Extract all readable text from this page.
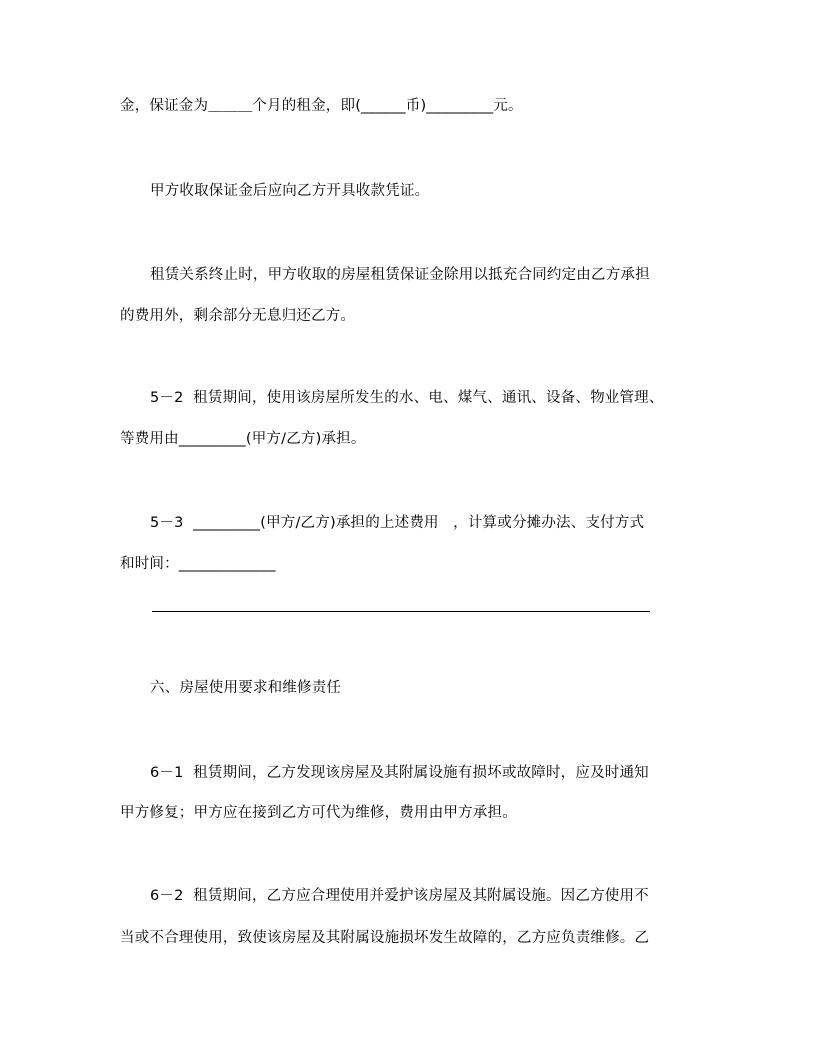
金，保证金为＿＿＿个月的租金，即(______币)_________元。
甲方收取保证金后应向乙方开具收款凭证。
租赁关系终止时，甲方收取的房屋租赁保证金除用以抵充合同约定由乙方承担
的费用外，剩余部分无息归还乙方。
5－2  租赁期间，使用该房屋所发生的水、电、煤气、通讯、设备、物业管理、
等费用由_________(甲方/乙方)承担。
5－3  _________(甲方/乙方)承担的上述费用   ，计算或分摊办法、支付方式
和时间：_____________
六、房屋使用要求和维修责任
6－1  租赁期间，乙方发现该房屋及其附属设施有损坏或故障时，应及时通知
甲方修复；甲方应在接到乙方可代为维修，费用由甲方承担。
6－2  租赁期间，乙方应合理使用并爱护该房屋及其附属设施。因乙方使用不
当或不合理使用，致使该房屋及其附属设施损坏发生故障的，乙方应负责维修。乙
